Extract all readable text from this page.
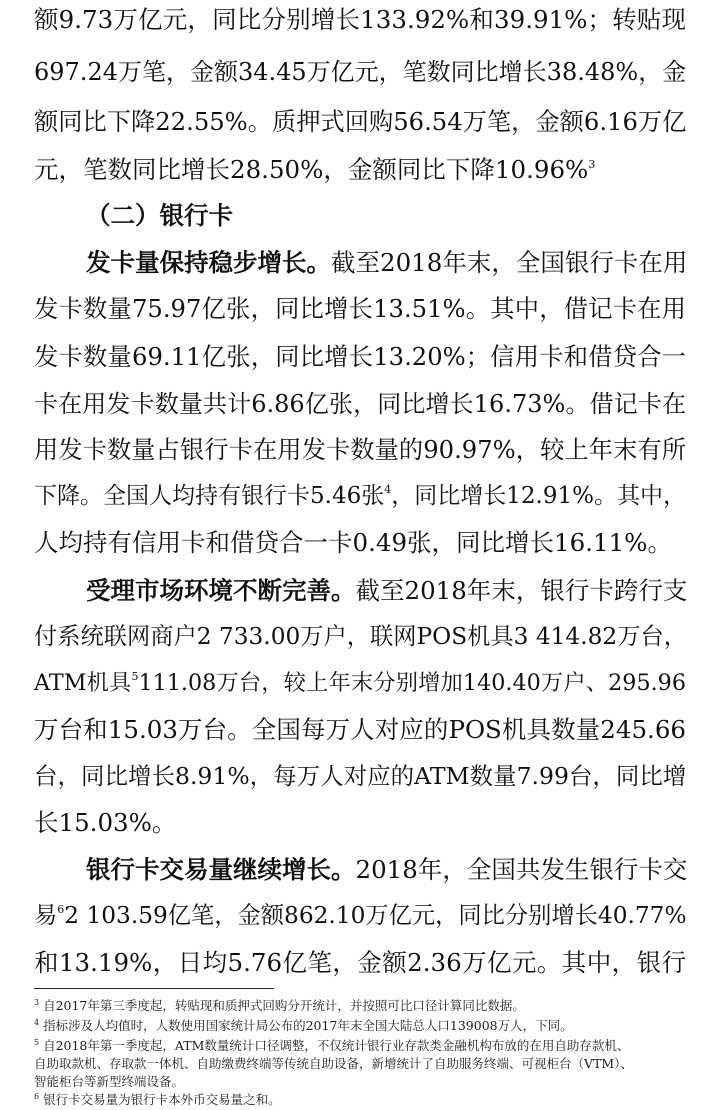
额9.73万亿元，同比分别增长133.92%和39.91%；转贴现
697.24万笔，金额34.45万亿元，笔数同比增长38.48%，金
额同比下降22.55%。质押式回购56.54万笔，金额6.16万亿
元，笔数同比增长28.50%，金额同比下降10.96%$^3$
（二）银行卡
发卡量保持稳步增长。截至2018年末，全国银行卡在用
发卡数量75.97亿张，同比增长13.51%。其中，借记卡在用
发卡数量69.11亿张，同比增长13.20%；信用卡和借贷合一
卡在用发卡数量共计6.86亿张，同比增长16.73%。借记卡在
用发卡数量占银行卡在用发卡数量的90.97%，较上年末有所
下降。全国人均持有银行卡5.46张$^4$，同比增长12.91%。其中，
人均持有信用卡和借贷合一卡0.49张，同比增长16.11%。
受理市场环境不断完善。截至2018年末，银行卡跨行支
付系统联网商户2 733.00万户，联网POS机具3 414.82万台，
ATM机具$^5$111.08万台，较上年末分别增加140.40万户、295.96
万台和15.03万台。全国每万人对应的POS机具数量245.66
台，同比增长8.91%，每万人对应的ATM数量7.99台，同比增
长15.03%。
银行卡交易量继续增长。2018年，全国共发生银行卡交
易$^6$2 103.59亿笔，金额862.10万亿元，同比分别增长40.77%
和13.19%，日均5.76亿笔，金额2.36万亿元。其中，银行
$^3$ 自2017年第三季度起，转贴现和质押式回购分开统计，并按照可比口径计算同比数据。
$^4$ 指标涉及人均值时，人数使用国家统计局公布的2017年末全国大陆总人口139008万人，下同。
$^5$ 自2018年第一季度起，ATM数量统计口径调整，不仅统计银行业存款类金融机构布放的在用自助存款机、
自助取款机、存取款一体机、自助缴费终端等传统自助设备，新增统计了自助服务终端、可视柜台（VTM）、
智能柜台等新型终端设备。
$^6$ 银行卡交易量为银行卡本外币交易量之和。
